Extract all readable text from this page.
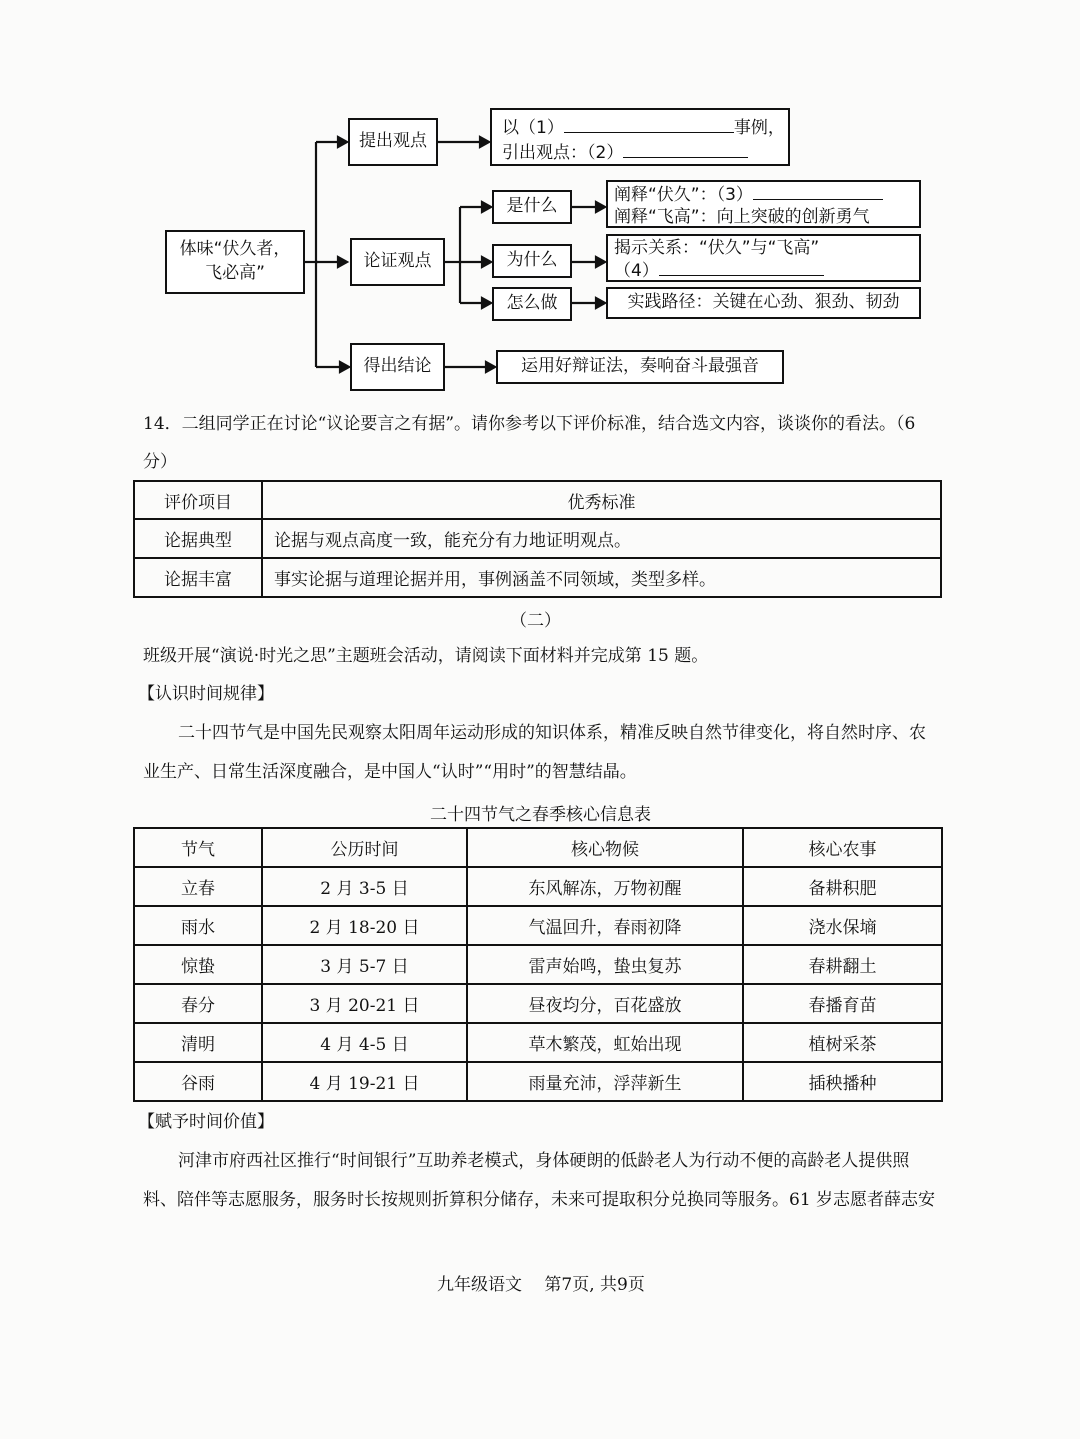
体味“伏久者，
飞必高”
提出观点
以（1）	事例，
引出观点：（2）
论证观点
是什么
阐释“伏久”：（3）
阐释“飞高”：向上突破的创新勇气
为什么
揭示关系：“伏久”与“飞高”
（4）
怎么做	实践路径：关键在心劲、狠劲、韧劲
得出结论	运用好辩证法，奏响奋斗最强音
14．二组同学正在讨论“议论要言之有据”。请你参考以下评价标准，结合选文内容，谈谈你的看法。（6
分）
评价项目	优秀标准
论据典型	论据与观点高度一致，能充分有力地证明观点。
论据丰富	事实论据与道理论据并用，事例涵盖不同领域，类型多样。
（二）
班级开展“演说·时光之思”主题班会活动，请阅读下面材料并完成第 15 题。
【认识时间规律】
二十四节气是中国先民观察太阳周年运动形成的知识体系，精准反映自然节律变化，将自然时序、农
业生产、日常生活深度融合，是中国人“认时”“用时”的智慧结晶。
二十四节气之春季核心信息表
节气	公历时间	核心物候	核心农事
立春	2 月 3-5 日	东风解冻，万物初醒	备耕积肥
雨水	2 月 18-20 日	气温回升，春雨初降	浇水保墒
惊蛰	3 月 5-7 日	雷声始鸣，蛰虫复苏	春耕翻土
春分	3 月 20-21 日	昼夜均分，百花盛放	春播育苗
清明	4 月 4-5 日	草木繁茂，虹始出现	植树采茶
谷雨	4 月 19-21 日	雨量充沛，浮萍新生	插秧播种
【赋予时间价值】
河津市府西社区推行“时间银行”互助养老模式，身体硬朗的低龄老人为行动不便的高龄老人提供照
料、陪伴等志愿服务，服务时长按规则折算积分储存，未来可提取积分兑换同等服务。61 岁志愿者薛志安
九年级语文　 第7页, 共9页
